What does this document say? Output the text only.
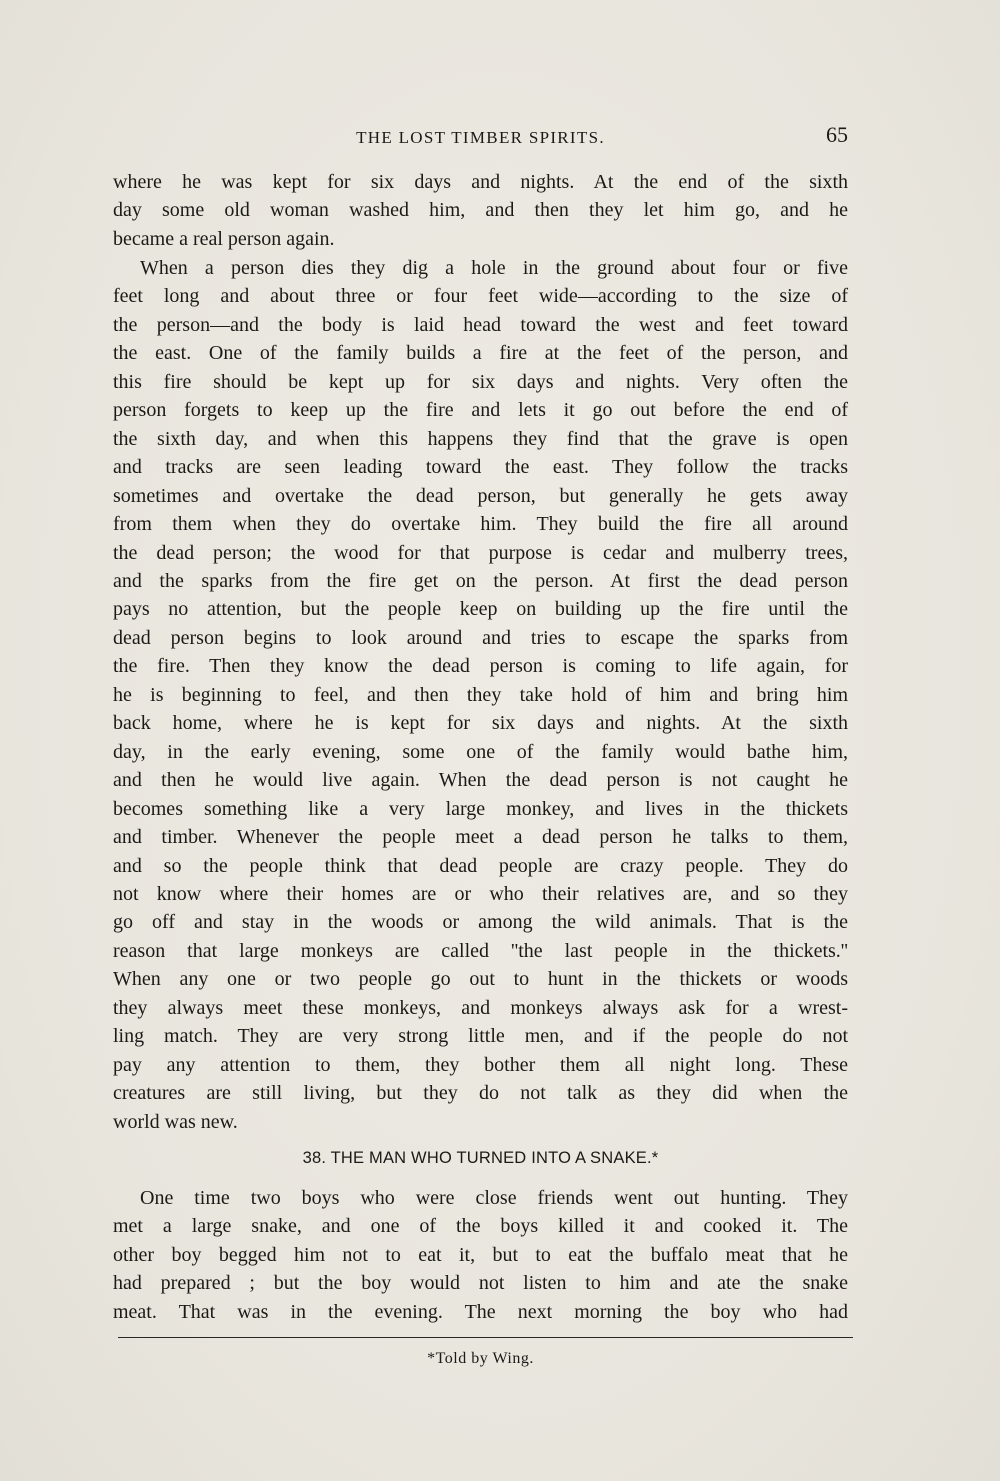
THE LOST TIMBER SPIRITS.	65
where he was kept for six days and nights. At the end of the sixth
day some old woman washed him, and then they let him go, and he
became a real person again.
When a person dies they dig a hole in the ground about four or five
feet long and about three or four feet wide—according to the size of
the person—and the body is laid head toward the west and feet toward
the east. One of the family builds a fire at the feet of the person, and
this fire should be kept up for six days and nights. Very often the
person forgets to keep up the fire and lets it go out before the end of
the sixth day, and when this happens they find that the grave is open
and tracks are seen leading toward the east. They follow the tracks
sometimes and overtake the dead person, but generally he gets away
from them when they do overtake him. They build the fire all around
the dead person; the wood for that purpose is cedar and mulberry trees,
and the sparks from the fire get on the person. At first the dead person
pays no attention, but the people keep on building up the fire until the
dead person begins to look around and tries to escape the sparks from
the fire. Then they know the dead person is coming to life again, for
he is beginning to feel, and then they take hold of him and bring him
back home, where he is kept for six days and nights. At the sixth
day, in the early evening, some one of the family would bathe him,
and then he would live again. When the dead person is not caught he
becomes something like a very large monkey, and lives in the thickets
and timber. Whenever the people meet a dead person he talks to them,
and so the people think that dead people are crazy people. They do
not know where their homes are or who their relatives are, and so they
go off and stay in the woods or among the wild animals. That is the
reason that large monkeys are called ''the last people in the thickets.''
When any one or two people go out to hunt in the thickets or woods
they always meet these monkeys, and monkeys always ask for a wrest-
ling match. They are very strong little men, and if the people do not
pay any attention to them, they bother them all night long. These
creatures are still living, but they do not talk as they did when the
world was new.
38. THE MAN WHO TURNED INTO A SNAKE.*
One time two boys who were close friends went out hunting. They
met a large snake, and one of the boys killed it and cooked it. The
other boy begged him not to eat it, but to eat the buffalo meat that he
had prepared ; but the boy would not listen to him and ate the snake
meat. That was in the evening. The next morning the boy who had
*Told by Wing.
